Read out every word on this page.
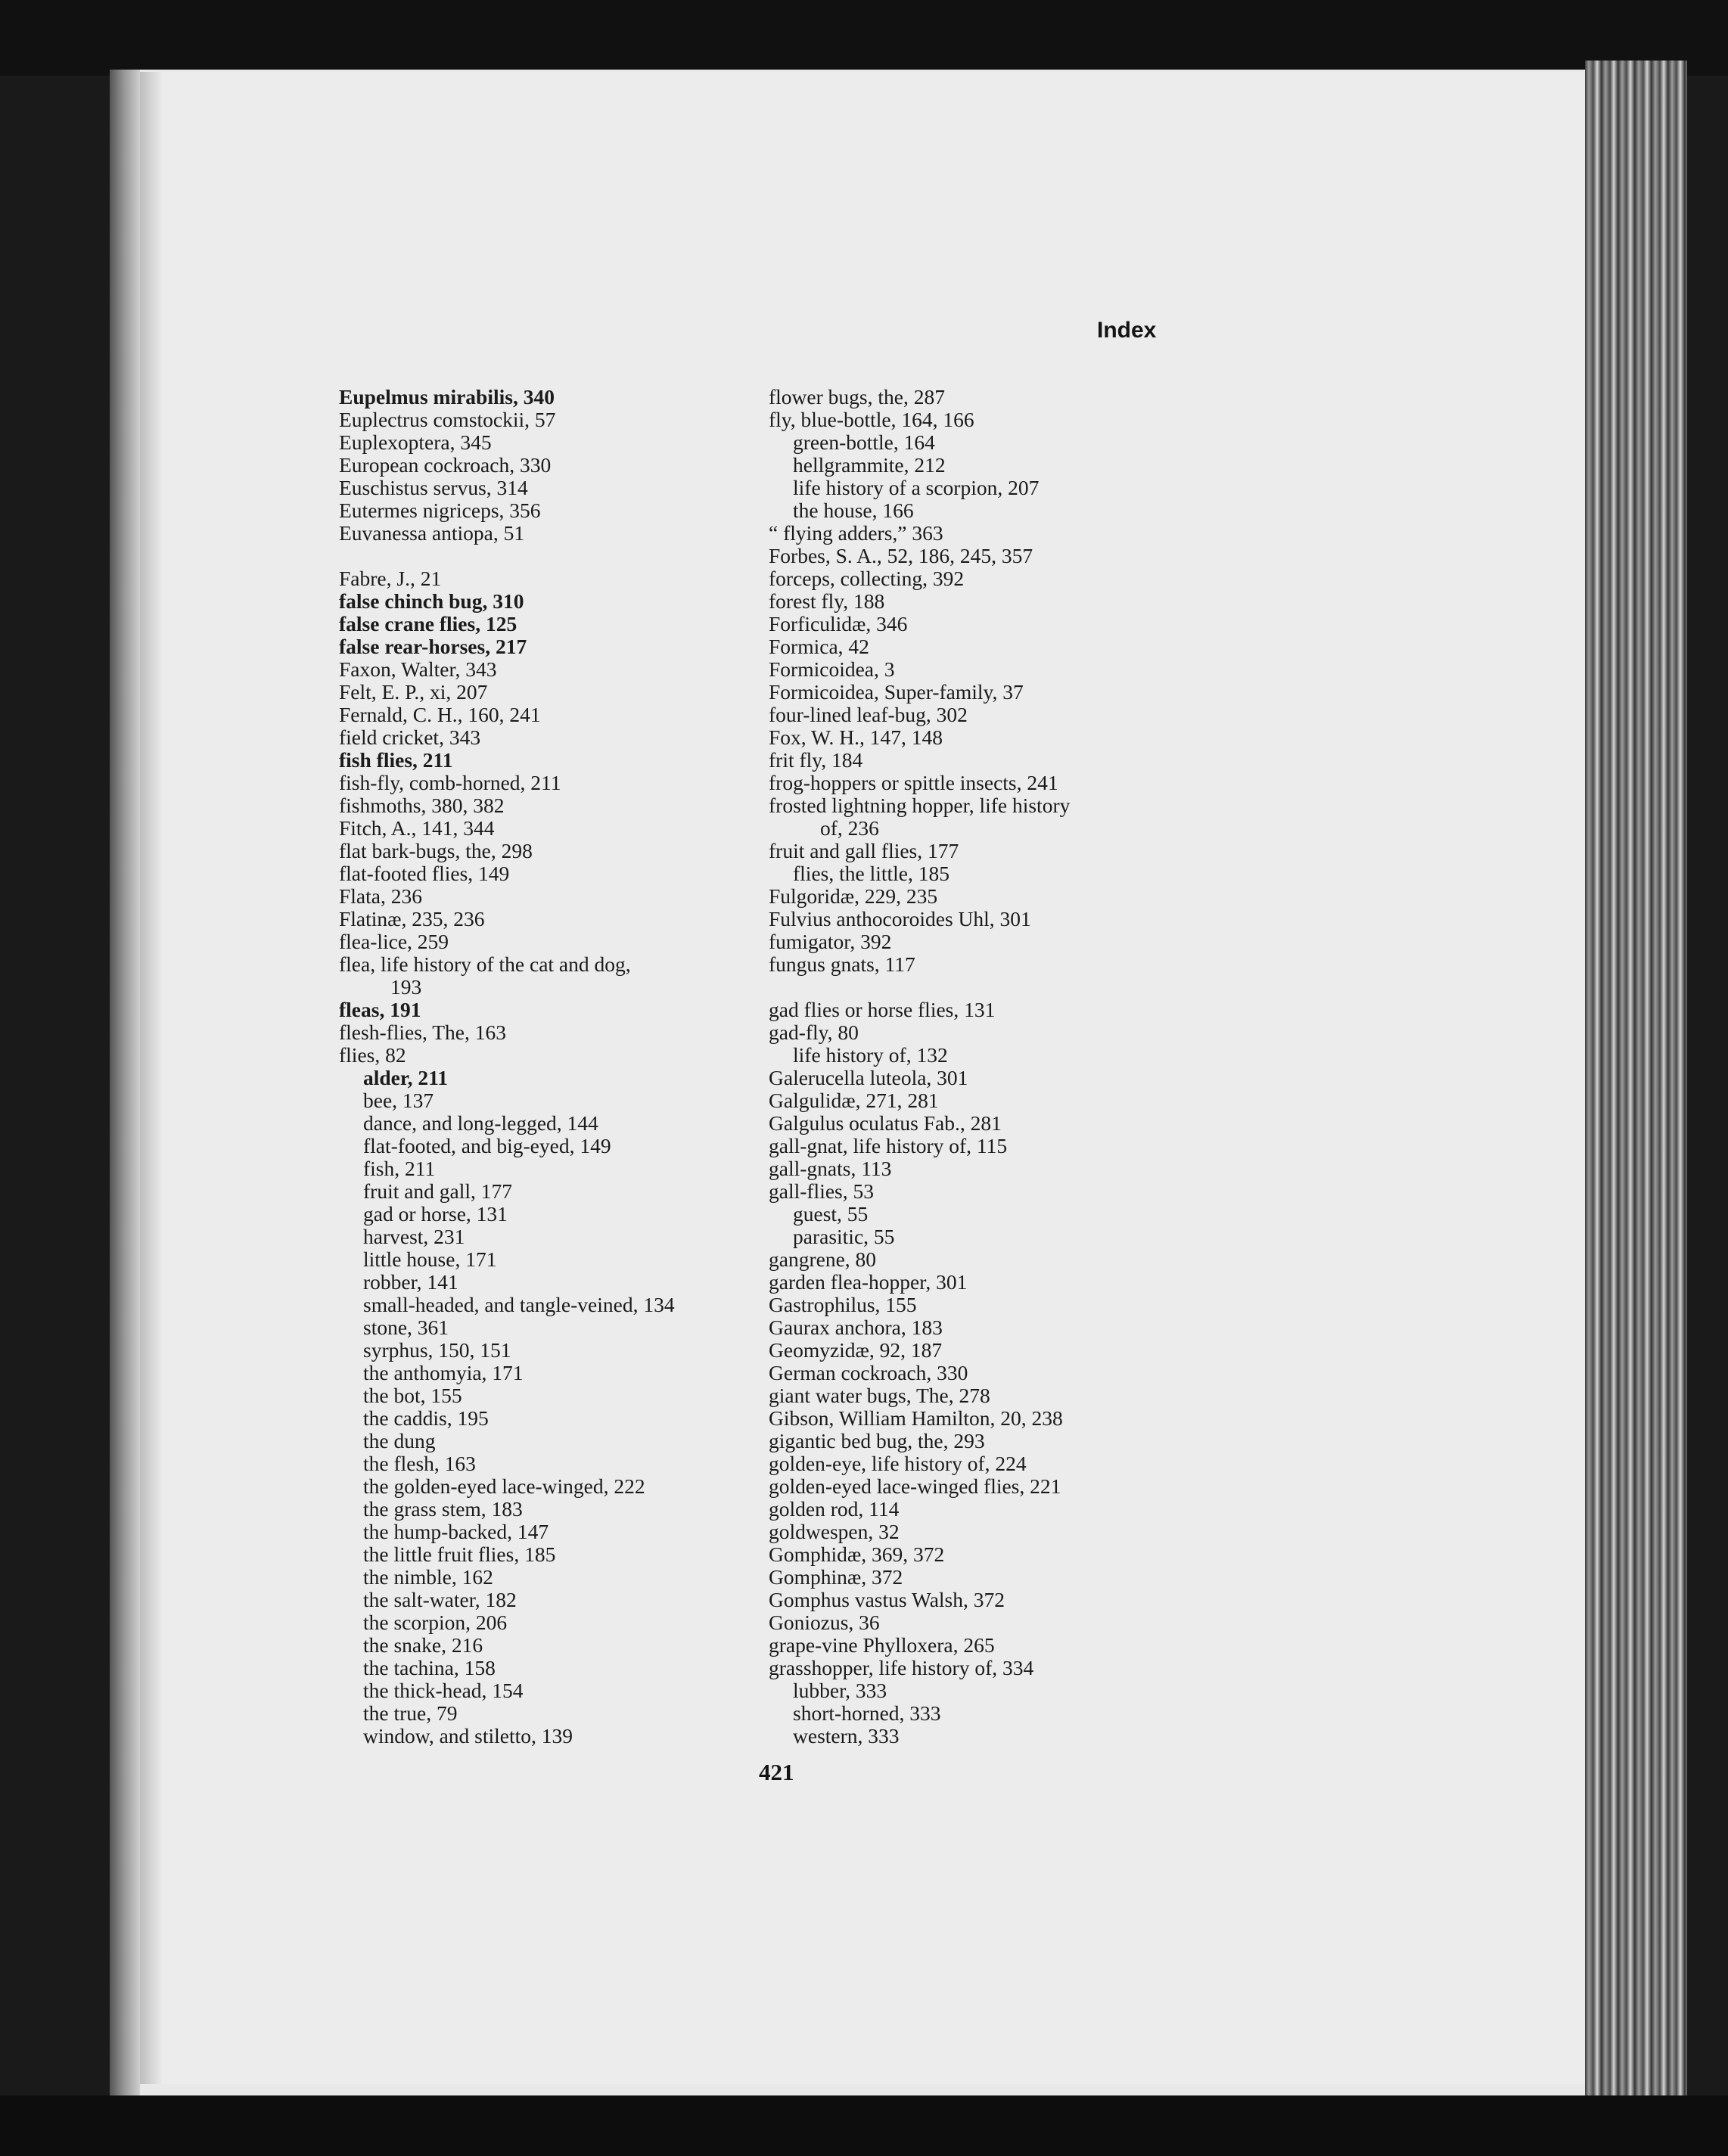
Index
Eupelmus mirabilis, 340
Euplectrus comstockii, 57
Euplexoptera, 345
European cockroach, 330
Euschistus servus, 314
Eutermes nigriceps, 356
Euvanessa antiopa, 51
Fabre, J., 21
false chinch bug, 310
false crane flies, 125
false rear-horses, 217
Faxon, Walter, 343
Felt, E. P., xi, 207
Fernald, C. H., 160, 241
field cricket, 343
fish flies, 211
fish-fly, comb-horned, 211
fishmoths, 380, 382
Fitch, A., 141, 344
flat bark-bugs, the, 298
flat-footed flies, 149
Flata, 236
Flatinæ, 235, 236
flea-lice, 259
flea, life history of the cat and dog,
193
fleas, 191
flesh-flies, The, 163
flies, 82
alder, 211
bee, 137
dance, and long-legged, 144
flat-footed, and big-eyed, 149
fish, 211
fruit and gall, 177
gad or horse, 131
harvest, 231
little house, 171
robber, 141
small-headed, and tangle-veined, 134
stone, 361
syrphus, 150, 151
the anthomyia, 171
the bot, 155
the caddis, 195
the dung
the flesh, 163
the golden-eyed lace-winged, 222
the grass stem, 183
the hump-backed, 147
the little fruit flies, 185
the nimble, 162
the salt-water, 182
the scorpion, 206
the snake, 216
the tachina, 158
the thick-head, 154
the true, 79
window, and stiletto, 139
flower bugs, the, 287
fly, blue-bottle, 164, 166
green-bottle, 164
hellgrammite, 212
life history of a scorpion, 207
the house, 166
“ flying adders,” 363
Forbes, S. A., 52, 186, 245, 357
forceps, collecting, 392
forest fly, 188
Forficulidæ, 346
Formica, 42
Formicoidea, 3
Formicoidea, Super-family, 37
four-lined leaf-bug, 302
Fox, W. H., 147, 148
frit fly, 184
frog-hoppers or spittle insects, 241
frosted lightning hopper, life history
of, 236
fruit and gall flies, 177
flies, the little, 185
Fulgoridæ, 229, 235
Fulvius anthocoroides Uhl, 301
fumigator, 392
fungus gnats, 117
gad flies or horse flies, 131
gad-fly, 80
life history of, 132
Galerucella luteola, 301
Galgulidæ, 271, 281
Galgulus oculatus Fab., 281
gall-gnat, life history of, 115
gall-gnats, 113
gall-flies, 53
guest, 55
parasitic, 55
gangrene, 80
garden flea-hopper, 301
Gastrophilus, 155
Gaurax anchora, 183
Geomyzidæ, 92, 187
German cockroach, 330
giant water bugs, The, 278
Gibson, William Hamilton, 20, 238
gigantic bed bug, the, 293
golden-eye, life history of, 224
golden-eyed lace-winged flies, 221
golden rod, 114
goldwespen, 32
Gomphidæ, 369, 372
Gomphinæ, 372
Gomphus vastus Walsh, 372
Goniozus, 36
grape-vine Phylloxera, 265
grasshopper, life history of, 334
lubber, 333
short-horned, 333
western, 333
421
